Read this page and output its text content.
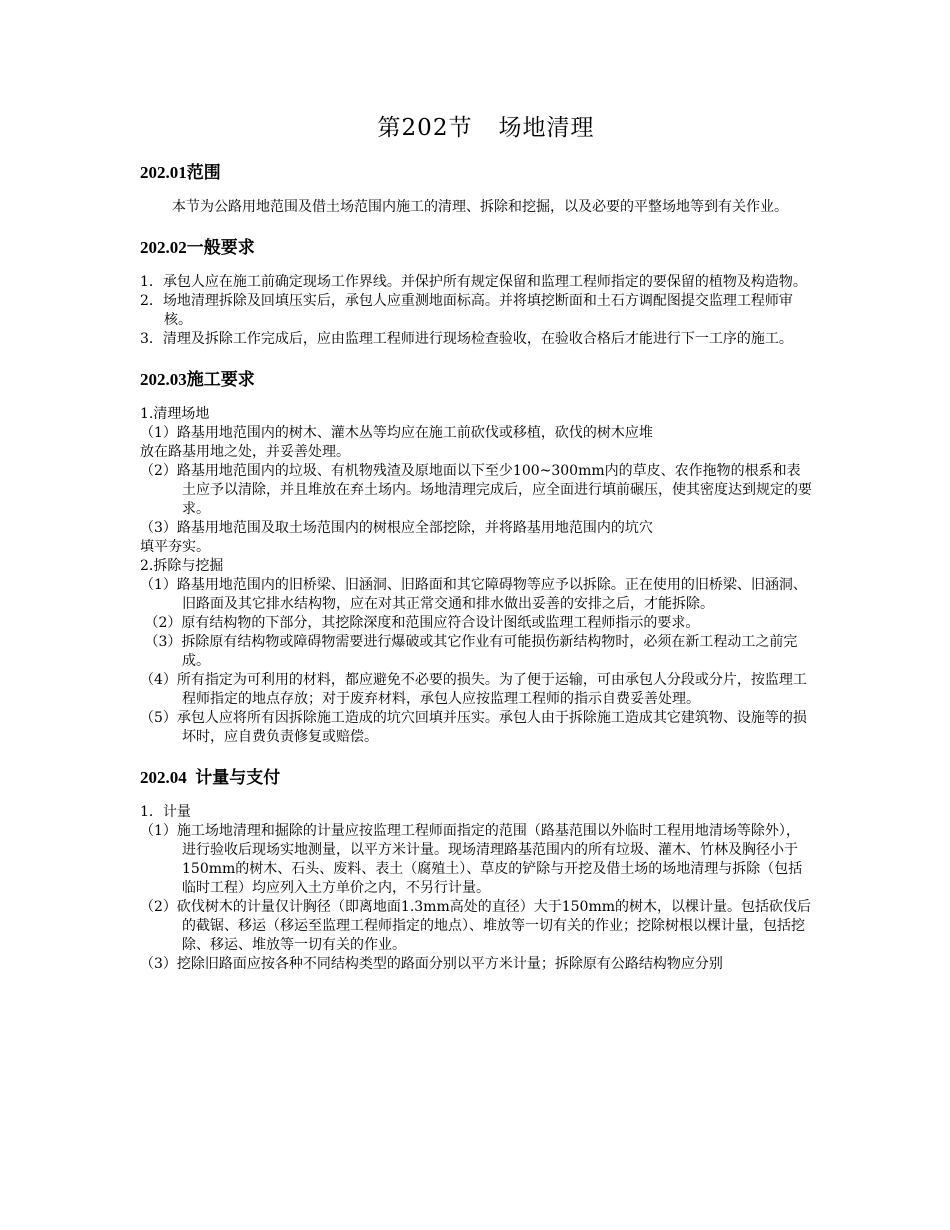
第202节 场地清理
202.01范围
本节为公路用地范围及借土场范围内施工的清理、拆除和挖掘，以及必要的平整场地等到有关作业。
202.02一般要求
1．承包人应在施工前确定现场工作界线。并保护所有规定保留和监理工程师指定的要保留的植物及构造物。
2．场地清理拆除及回填压实后，承包人应重测地面标高。并将填挖断面和土石方调配图提交监理工程师审核。
3．清理及拆除工作完成后，应由监理工程师进行现场检查验收，在验收合格后才能进行下一工序的施工。
202.03施工要求
1.清理场地
（1）路基用地范围内的树木、灌木丛等均应在施工前砍伐或移植，砍伐的树木应堆
放在路基用地之处，并妥善处理。
（2）路基用地范围内的垃圾、有机物残渣及原地面以下至少100~300mm内的草皮、农作拖物的根系和表土应予以清除，并且堆放在弃土场内。场地清理完成后，应全面进行填前碾压，使其密度达到规定的要求。
（3）路基用地范围及取土场范围内的树根应全部挖除，并将路基用地范围内的坑穴
填平夯实。
2.拆除与挖掘
（1）路基用地范围内的旧桥梁、旧涵洞、旧路面和其它障碍物等应予以拆除。正在使用的旧桥梁、旧涵洞、旧路面及其它排水结构物，应在对其正常交通和排水做出妥善的安排之后，才能拆除。
（2）原有结构物的下部分，其挖除深度和范围应符合设计图纸或监理工程师指示的要求。
（3）拆除原有结构物或障碍物需要进行爆破或其它作业有可能损伤新结构物时，必须在新工程动工之前完成。
（4）所有指定为可利用的材料，都应避免不必要的损失。为了便于运输，可由承包人分段或分片，按监理工程师指定的地点存放；对于废弃材料，承包人应按监理工程师的指示自费妥善处理。
（5）承包人应将所有因拆除施工造成的坑穴回填并压实。承包人由于拆除施工造成其它建筑物、设施等的损坏时，应自费负责修复或赔偿。
202.04  计量与支付
1．计量
（1）施工场地清理和掘除的计量应按监理工程师面指定的范围（路基范围以外临时工程用地清场等除外），进行验收后现场实地测量，以平方米计量。现场清理路基范围内的所有垃圾、灌木、竹林及胸径小于150mm的树木、石头、废料、表土（腐殖土）、草皮的铲除与开挖及借土场的场地清理与拆除（包括临时工程）均应列入土方单价之内，不另行计量。
（2）砍伐树木的计量仅计胸径（即离地面1.3mm高处的直径）大于150mm的树木，以棵计量。包括砍伐后的截锯、移运（移运至监理工程师指定的地点）、堆放等一切有关的作业；挖除树根以棵计量，包括挖除、移运、堆放等一切有关的作业。
（3）挖除旧路面应按各种不同结构类型的路面分别以平方米计量；拆除原有公路结构物应分别
